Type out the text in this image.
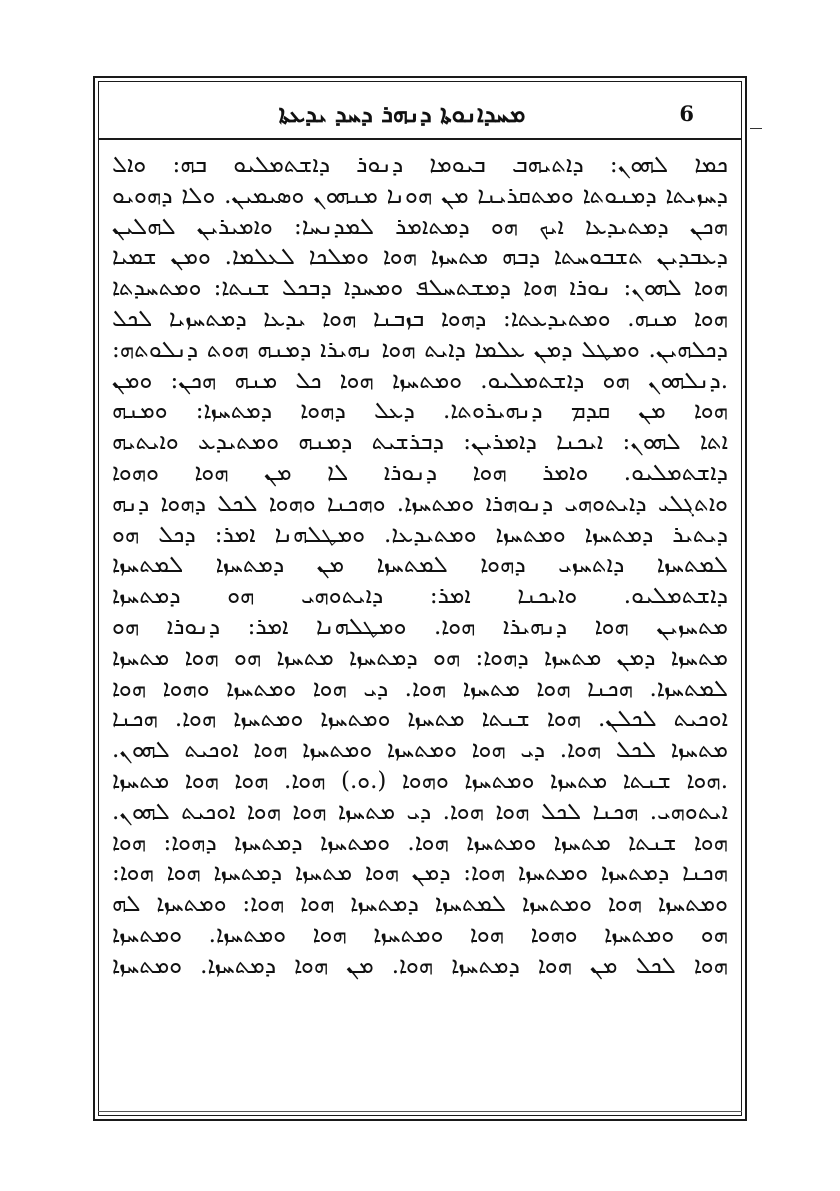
ܡܚܕܐܢܘܬܐ ܕܢܗܪ ܕܚܕ ܝܕܥܬܐ	6
ܟܡܐ ܠܗܘܢ: ܕܐܬܝܗܒ ܒܝܘܡܐ ܕܢܘܪ ܕܐܫܬܡܠܝܘ ܒܗ: ܘܐܠ
ܕܚܙܝܬܐ ܕܡܢܘܬܐ ܘܡܬܩܪܝܢܐ ܡܢ ܗܘܢܐ ܡܢܗܘܢ ܘܣܝܡܝܢ. ܘܠܐ ܕܗܘܝܘ
ܗܟܢ ܕܡܬܝܕܥܐ ܐܝܟ ܗܘ ܕܡܬܐܡܪ ܠܡܕܢܚܐ: ܘܐܡܝܪܝܢ ܠܗܠܝܢ
ܕܥܒܕܝܢ ܬܫܒܘܚܬܐ ܕܒܗ ܡܬܚܙܐ ܗܘܐ ܘܡܠܟܐ ܠܥܠܡܐ. ܘܡܢ ܫܡܝܐ
ܗܘܐ ܠܗܘܢ: ܢܘܪܐ ܗܘܐ ܕܡܫܬܚܠܦ ܘܡܚܕܐ ܕܒܟܠ ܫܢܬܐ: ܘܡܬܚܕܬܐ
ܗܘܐ ܡܢܗ. ܘܡܬܝܕܥܬܐ: ܕܗܘܐ ܒܙܒܢܐ ܗܘܐ ܝܕܥܐ ܕܡܬܚܙܝܐ ܠܟܠ
ܕܟܠܗܝܢ. ܘܡܛܠ ܕܡܢ ܥܠܡܐ ܕܐܝܬ ܗܘܐ ܢܗܝܪܐ ܕܡܢܗ ܗܘܬ ܕܢܠܘܬܗ:
.ܕܢܠܗܘܢ ܗܘ ܕܐܫܬܡܠܝܘ. ܘܡܬܚܙܐ ܗܘܐ ܟܠ ܡܢܗ ܗܟܢ: ܘܡܢ
ܗܘܐ ܡܢ ܩܕܡ ܕܢܗܝܪܘܬܐ. ܕܥܠ ܕܗܘܐ ܕܡܬܚܙܐ: ܘܡܢܗ
ܐܬܐ ܠܗܘܢ: ܐܝܟܢܐ ܕܐܡܪܝܢ: ܕܒܪܫܝܬ ܕܡܢܗ ܘܡܬܝܕܥ ܘܐܝܬܝܗ
ܕܐܫܬܡܠܝܘ. ܘܐܡܪ ܗܘܐ ܕܢܘܪܐ ܠܐ ܡܢ ܗܘܐ ܘܗܘܐ
ܘܐܬܓܠܝ ܕܐܝܬܘܗܝ ܕܢܘܗܪܐ ܘܡܬܚܙܐ. ܘܗܟܢܐ ܘܗܘܐ ܠܟܠ ܕܗܘܐ ܕܢܗ
ܕܝܬܝܪ ܕܡܬܚܙܐ ܘܡܬܚܙܐ ܘܡܬܝܕܥܐ. ܘܡܛܠܗܢܐ ܐܡܪ: ܕܟܠ ܗܘ
ܠܡܬܚܙܐ ܕܐܬܚܙܝ ܕܗܘܐ ܠܡܬܚܙܐ ܡܢ ܕܡܬܚܙܐ ܠܡܬܚܙܐ
ܕܐܫܬܡܠܝܘ. ܘܐܝܟܢܐ ܐܡܪ: ܕܐܝܬܘܗܝ ܗܘ ܕܡܬܚܙܐ
ܡܬܚܙܝܢ ܗܘܐ ܕܢܗܝܪܐ ܗܘܐ. ܘܡܛܠܗܢܐ ܐܡܪ: ܕܢܘܪܐ ܗܘ
ܡܬܚܙܐ ܕܡܢ ܡܬܚܙܐ ܕܗܘܐ: ܗܘ ܕܡܬܚܙܐ ܡܬܚܙܐ ܗܘ ܗܘܐ ܡܬܚܙܐ
ܠܡܬܚܙܐ. ܗܟܢܐ ܗܘܐ ܡܬܚܙܐ ܗܘܐ. ܕܝ ܗܘܐ ܘܡܬܚܙܐ ܘܗܘܐ ܗܘܐ
ܐܘܟܝܬ ܠܟܠܢ. ܗܘܐ ܫܢܬܐ ܡܬܚܙܐ ܘܡܬܚܙܐ ܘܡܬܚܙܐ ܗܘܐ. ܗܟܢܐ
ܡܬܚܙܐ ܠܟܠ ܗܘܐ. ܕܝ ܗܘܐ ܘܡܬܚܙܐ ܘܡܬܚܙܐ ܗܘܐ ܐܘܟܝܬ ܠܗܘܢ.
.ܗܘܐ ܫܢܬܐ ܡܬܚܙܐ ܘܡܬܚܙܐ ܘܗܘܐ (.ܘ.) ܗܘܐ. ܗܘܐ ܗܘܐ ܡܬܚܙܐ
ܐܝܬܘܗܝ. ܗܟܢܐ ܠܟܠ ܗܘܐ ܗܘܐ. ܕܝ ܡܬܚܙܐ ܗܘܐ ܗܘܐ ܐܘܟܝܬ ܠܗܘܢ.
ܗܘܐ ܫܢܬܐ ܡܬܚܙܐ ܘܡܬܚܙܐ ܗܘܐ. ܘܡܬܚܙܐ ܕܡܬܚܙܐ ܕܗܘܐ: ܗܘܐ
ܗܟܢܐ ܕܡܬܚܙܐ ܘܡܬܚܙܐ ܗܘܐ: ܕܡܢ ܗܘܐ ܡܬܚܙܐ ܕܡܬܚܙܐ ܗܘܐ ܗܘܐ:
ܘܡܬܚܙܐ ܗܘܐ ܘܡܬܚܙܐ ܠܡܬܚܙܐ ܕܡܬܚܙܐ ܗܘܐ ܗܘܐ: ܘܡܬܚܙܐ ܠܗ
ܗܘ ܘܡܬܚܙܐ ܘܗܘܐ ܗܘܐ ܘܡܬܚܙܐ ܗܘܐ ܘܡܬܚܙܐ. ܘܡܬܚܙܐ
ܗܘܐ ܠܟܠ ܡܢ ܗܘܐ ܕܡܬܚܙܐ ܗܘܐ. ܡܢ ܗܘܐ ܕܡܬܚܙܐ. ܘܡܬܚܙܐ
